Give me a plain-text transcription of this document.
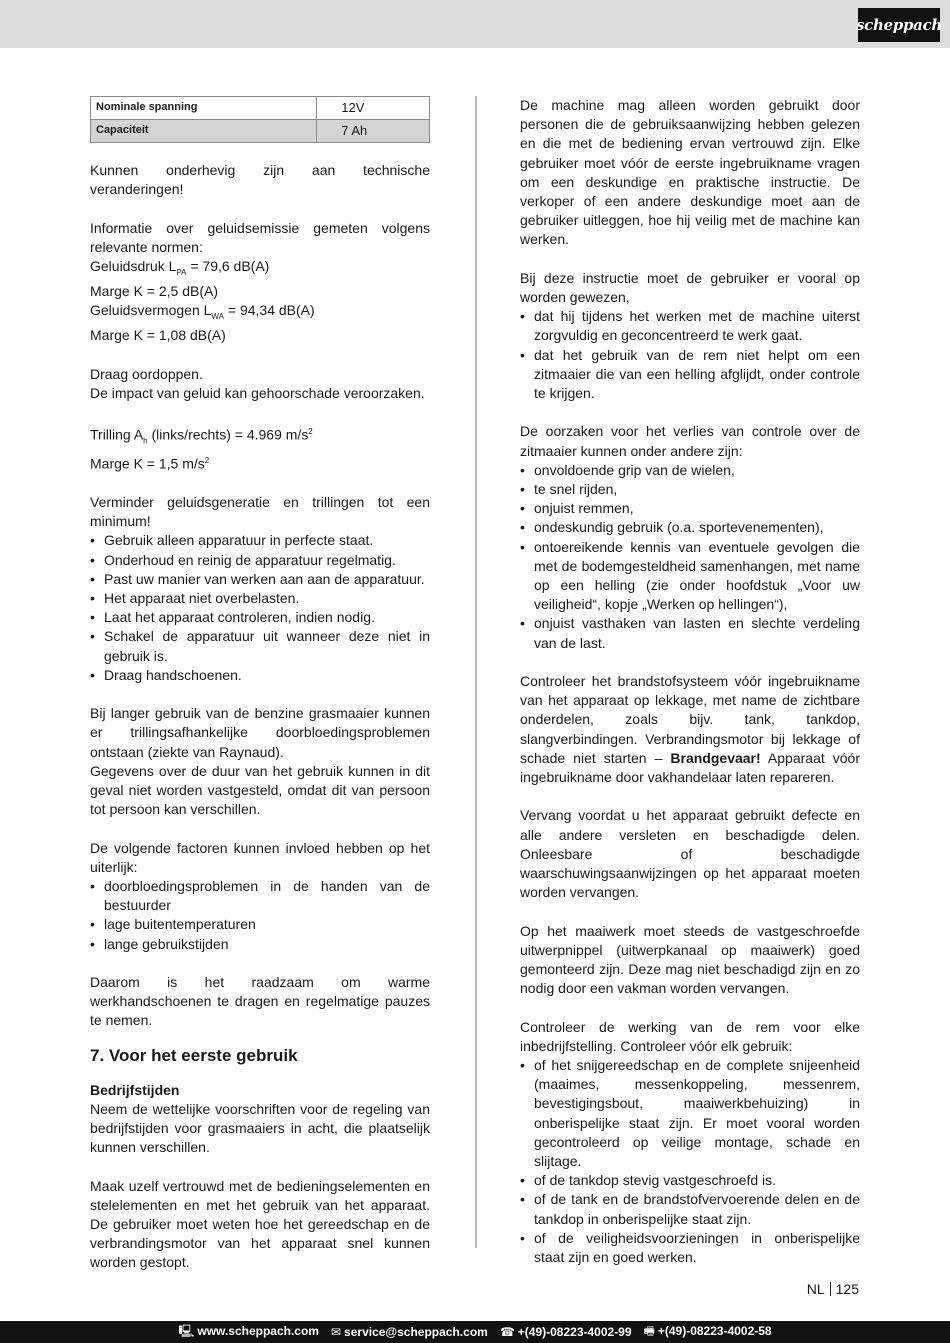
scheppach
Nominale spanning	12V
Capaciteit	7 Ah

Kunnen onderhevig zijn aan technische veranderingen!

Informatie over geluidsemissie gemeten volgens relevante normen:

Geluidsdruk $L_{PA} = 79,6$ dB(A)

Marge K = 2,5 dB(A)

Geluidsvermogen $L_{WA} = 94,34$ dB(A)

Marge K = 1,08 dB(A)

Draag oordoppen.

De impact van geluid kan gehoorschade veroorzaken.

Trilling $A_h$ (links/rechts) = 4.969 $m/s^2$

Marge K = 1,5 $m/s^2$

Verminder geluidsgeneratie en trillingen tot een minimum!

• Gebruik alleen apparatuur in perfecte staat.
• Onderhoud en reinig de apparatuur regelmatig.
• Past uw manier van werken aan aan de apparatuur.
• Het apparaat niet overbelasten.
• Laat het apparaat controleren, indien nodig.
• Schakel de apparatuur uit wanneer deze niet in gebruik is.
• Draag handschoenen.

Bij langer gebruik van de benzine grasmaaier kunnen er trillingsafhankelijke doorbloedingsproblemen ontstaan (ziekte van Raynaud).

Gegevens over de duur van het gebruik kunnen in dit geval niet worden vastgesteld, omdat dit van persoon tot persoon kan verschillen.

De volgende factoren kunnen invloed hebben op het uiterlijk:

• doorbloedingsproblemen in de handen van de bestuurder
• lage buitentemperaturen
• lange gebruikstijden

Daarom is het raadzaam om warme werkhandschoenen te dragen en regelmatige pauzes te nemen.

7. Voor het eerste gebruik

Bedrijfstijden

Neem de wettelijke voorschriften voor de regeling van bedrijfstijden voor grasmaaiers in acht, die plaatselijk kunnen verschillen.

Maak uzelf vertrouwd met de bedieningselementen en stelelementen en met het gebruik van het apparaat. De gebruiker moet weten hoe het gereedschap en de verbrandingsmotor van het apparaat snel kunnen worden gestopt.

De machine mag alleen worden gebruikt door personen die de gebruiksaanwijzing hebben gelezen en die met de bediening ervan vertrouwd zijn. Elke gebruiker moet vóór de eerste ingebruikname vragen om een deskundige en praktische instructie. De verkoper of een andere deskundige moet aan de gebruiker uitleggen, hoe hij veilig met de machine kan werken.

Bij deze instructie moet de gebruiker er vooral op worden gewezen,

• dat hij tijdens het werken met de machine uiterst zorgvuldig en geconcentreerd te werk gaat.
• dat het gebruik van de rem niet helpt om een zitmaaier die van een helling afglijdt, onder controle te krijgen.

De oorzaken voor het verlies van controle over de zitmaaier kunnen onder andere zijn:

• onvoldoende grip van de wielen,
• te snel rijden,
• onjuist remmen,
• ondeskundig gebruik (o.a. sportevenementen),
• ontoereikende kennis van eventuele gevolgen die met de bodemgesteldheid samenhangen, met name op een helling (zie onder hoofdstuk „Voor uw veiligheid“, kopje „Werken op hellingen“),
• onjuist vasthaken van lasten en slechte verdeling van de last.

Controleer het brandstofsysteem vóór ingebruikname van het apparaat op lekkage, met name de zichtbare onderdelen, zoals bijv. tank, tankdop, slangverbindingen. Verbrandingsmotor bij lekkage of schade niet starten – Brandgevaar! Apparaat vóór ingebruikname door vakhandelaar laten repareren.

Vervang voordat u het apparaat gebruikt defecte en alle andere versleten en beschadigde delen. Onleesbare of beschadigde waarschuwingsaanwijzingen op het apparaat moeten worden vervangen.

Op het maaiwerk moet steeds de vastgeschroefde uitwerpnippel (uitwerpkanaal op maaiwerk) goed gemonteerd zijn. Deze mag niet beschadigd zijn en zo nodig door een vakman worden vervangen.

Controleer de werking van de rem voor elke inbedrijfstelling. Controleer vóór elk gebruik:

• of het snijgereedschap en de complete snijeenheid (maaimes, messenkoppeling, messenrem, bevestigingsbout, maaiwerkbehuizing) in onberispelijke staat zijn. Er moet vooral worden gecontroleerd op veilige montage, schade en slijtage.
• of de tankdop stevig vastgeschroefd is.
• of de tank en de brandstofvervoerende delen en de tankdop in onberispelijke staat zijn.
• of de veiligheidsvoorzieningen in onberispelijke staat zijn en goed werken.
NL 125
🖳 www.scheppach.com ✉ service@scheppach.com ☎ +(49)-08223-4002-99 🖷 +(49)-08223-4002-58
